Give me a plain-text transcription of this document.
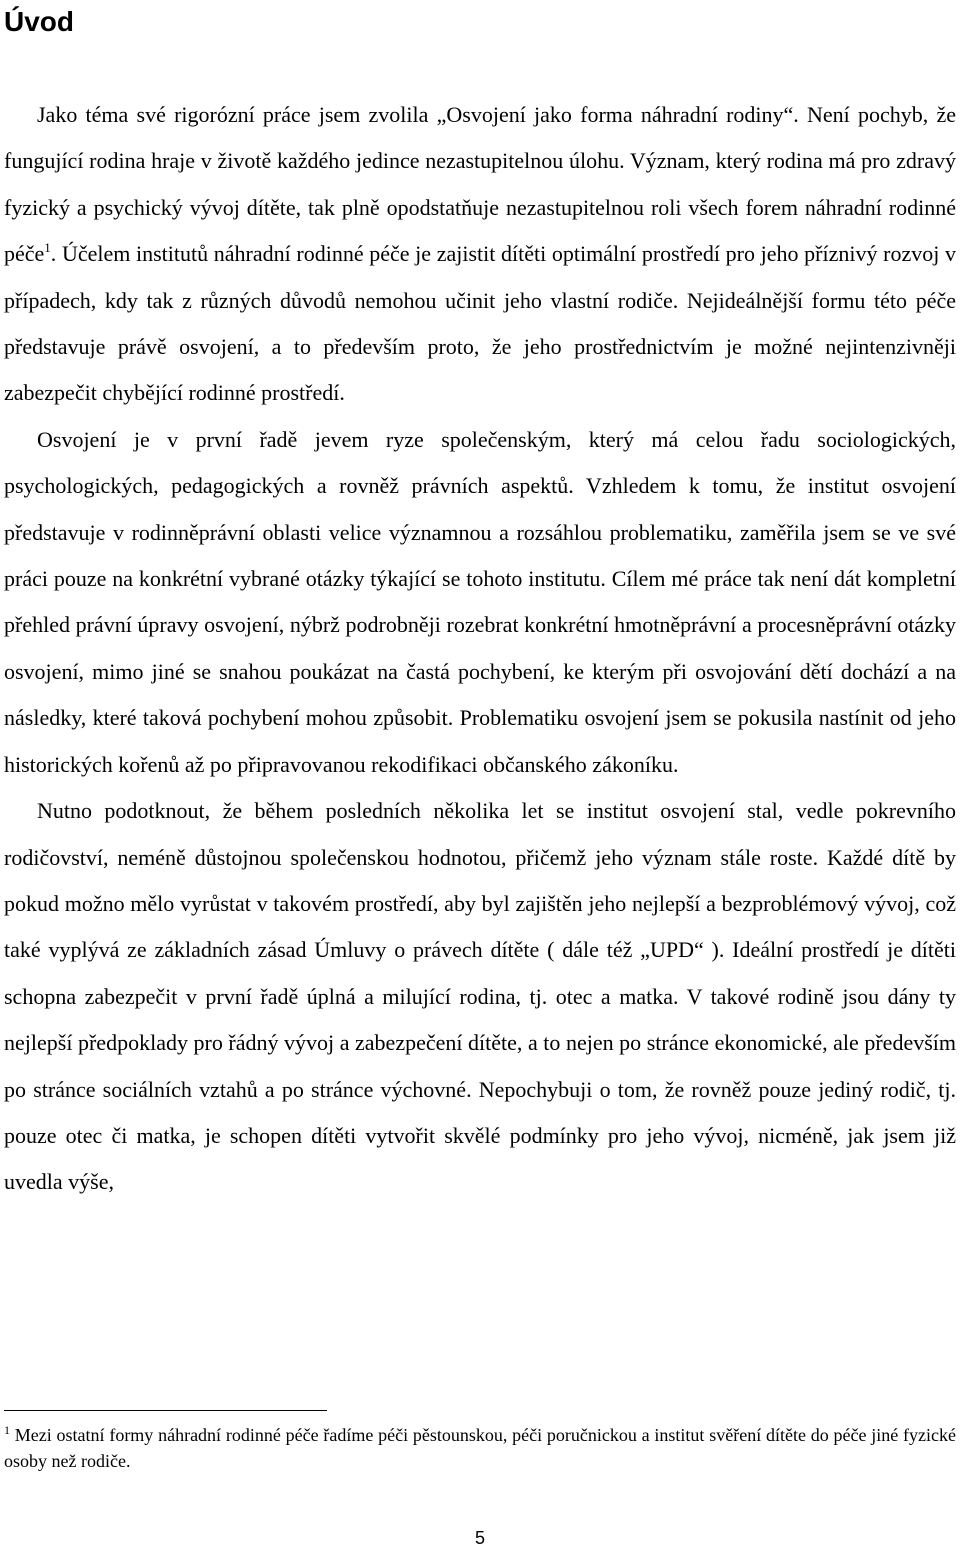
Úvod

Jako téma své rigorózní práce jsem zvolila „Osvojení jako forma náhradní rodiny“. Není pochyb, že fungující rodina hraje v životě každého jedince nezastupitelnou úlohu. Význam, který rodina má pro zdravý fyzický a psychický vývoj dítěte, tak plně opodstatňuje nezastupitelnou roli všech forem náhradní rodinné péče$^1$. Účelem institutů náhradní rodinné péče je zajistit dítěti optimální prostředí pro jeho příznivý rozvoj v případech, kdy tak z různých důvodů nemohou učinit jeho vlastní rodiče. Nejideálnější formu této péče představuje právě osvojení, a to především proto, že jeho prostřednictvím je možné nejintenzivněji zabezpečit chybějící rodinné prostředí.

Osvojení je v první řadě jevem ryze společenským, který má celou řadu sociologických, psychologických, pedagogických a rovněž právních aspektů. Vzhledem k tomu, že institut osvojení představuje v rodinněprávní oblasti velice významnou a rozsáhlou problematiku, zaměřila jsem se ve své práci pouze na konkrétní vybrané otázky týkající se tohoto institutu. Cílem mé práce tak není dát kompletní přehled právní úpravy osvojení, nýbrž podrobněji rozebrat konkrétní hmotněprávní a procesněprávní otázky osvojení, mimo jiné se snahou poukázat na častá pochybení, ke kterým při osvojování dětí dochází a na následky, které taková pochybení mohou způsobit. Problematiku osvojení jsem se pokusila nastínit od jeho historických kořenů až po připravovanou rekodifikaci občanského zákoníku.

Nutno podotknout, že během posledních několika let se institut osvojení stal, vedle pokrevního rodičovství, neméně důstojnou společenskou hodnotou, přičemž jeho význam stále roste. Každé dítě by pokud možno mělo vyrůstat v takovém prostředí, aby byl zajištěn jeho nejlepší a bezproblémový vývoj, což také vyplývá ze základních zásad Úmluvy o právech dítěte ( dále též „UPD“ ). Ideální prostředí je dítěti schopna zabezpečit v první řadě úplná a milující rodina, tj. otec a matka. V takové rodině jsou dány ty nejlepší předpoklady pro řádný vývoj a zabezpečení dítěte, a to nejen po stránce ekonomické, ale především po stránce sociálních vztahů a po stránce výchovné. Nepochybuji o tom, že rovněž pouze jediný rodič, tj. pouze otec či matka, je schopen dítěti vytvořit skvělé podmínky pro jeho vývoj, nicméně, jak jsem již uvedla výše,

$^1$ Mezi ostatní formy náhradní rodinné péče řadíme péči pěstounskou, péči poručnickou a institut svěření dítěte do péče jiné fyzické osoby než rodiče.

5
